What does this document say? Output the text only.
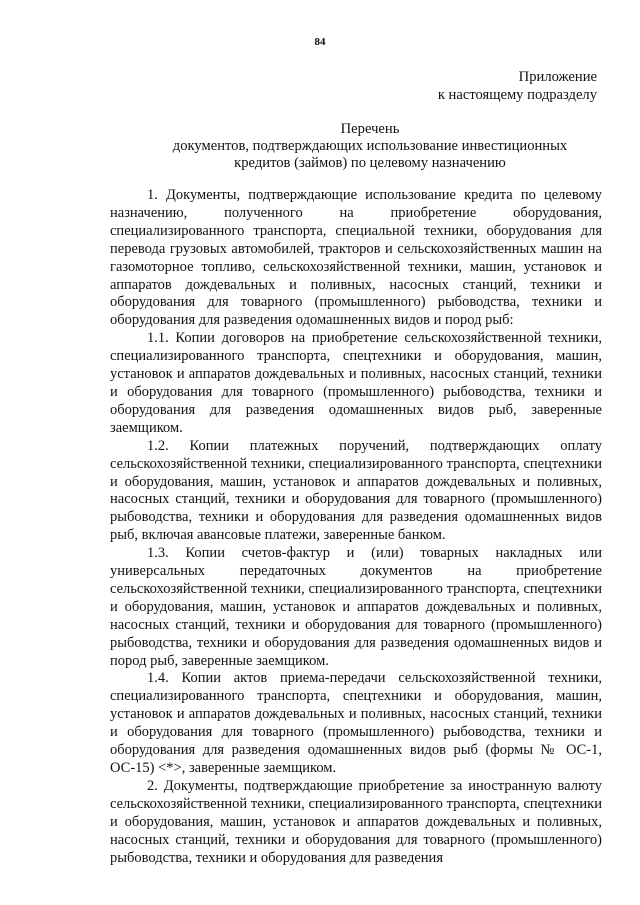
84
Приложение
к настоящему подразделу
Перечень
документов, подтверждающих использование инвестиционных
кредитов (займов) по целевому назначению

1. Документы, подтверждающие использование кредита по целевому назначению, полученного на приобретение оборудования, специализированного транспорта, специальной техники, оборудования для перевода грузовых автомобилей, тракторов и сельскохозяйственных машин на газомоторное топливо, сельскохозяйственной техники, машин, установок и аппаратов дождевальных и поливных, насосных станций, техники и оборудования для товарного (промышленного) рыбоводства, техники и оборудования для разведения одомашненных видов и пород рыб:

1.1. Копии договоров на приобретение сельскохозяйственной техники, специализированного транспорта, спецтехники и оборудования, машин, установок и аппаратов дождевальных и поливных, насосных станций, техники и оборудования для товарного (промышленного) рыбоводства, техники и оборудования для разведения одомашненных видов рыб, заверенные заемщиком.

1.2. Копии платежных поручений, подтверждающих оплату сельскохозяйственной техники, специализированного транспорта, спецтехники и оборудования, машин, установок и аппаратов дождевальных и поливных, насосных станций, техники и оборудования для товарного (промышленного) рыбоводства, техники и оборудования для разведения одомашненных видов рыб, включая авансовые платежи, заверенные банком.

1.3. Копии счетов-фактур и (или) товарных накладных или универсальных передаточных документов на приобретение сельскохозяйственной техники, специализированного транспорта, спецтехники и оборудования, машин, установок и аппаратов дождевальных и поливных, насосных станций, техники и оборудования для товарного (промышленного) рыбоводства, техники и оборудования для разведения одомашненных видов и пород рыб, заверенные заемщиком.

1.4. Копии актов приема-передачи сельскохозяйственной техники, специализированного транспорта, спецтехники и оборудования, машин, установок и аппаратов дождевальных и поливных, насосных станций, техники и оборудования для товарного (промышленного) рыбоводства, техники и оборудования для разведения одомашненных видов рыб (формы № ОС-1, ОС-15) <*>, заверенные заемщиком.

2. Документы, подтверждающие приобретение за иностранную валюту сельскохозяйственной техники, специализированного транспорта, спецтехники и оборудования, машин, установок и аппаратов дождевальных и поливных, насосных станций, техники и оборудования для товарного (промышленного) рыбоводства, техники и оборудования для разведения
